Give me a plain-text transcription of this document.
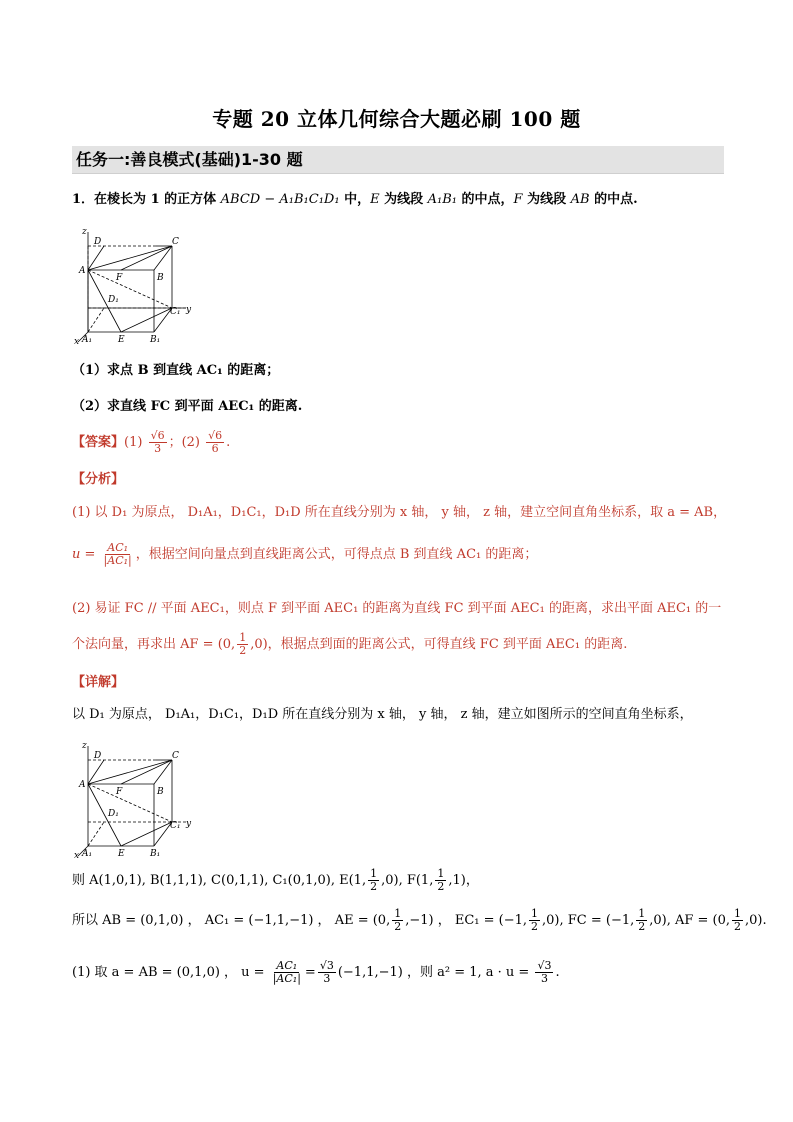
专题 20 立体几何综合大题必刷 100 题
任务一:善良模式(基础)1-30 题
1．在棱长为 1 的正方体 ABCD − A₁B₁C₁D₁ 中，E 为线段 A₁B₁ 的中点，F 为线段 AB 的中点.
z
D	C
A
F	B
D₁
C₁ y
x A₁	E	B₁
（1）求点 B 到直线 AC₁ 的距离；
（2）求直线 FC 到平面 AEC₁ 的距离.
【答案】$(1) \frac{√6}{3}$ ；$(2) \frac{√6}{6}$ .
【分析】
(1) 以 D₁ 为原点， D₁A₁，D₁C₁，D₁D 所在直线分别为 x 轴， y 轴， z 轴，建立空间直角坐标系，取 a = AB，
$u = \frac{\text{AC₁}}{\text{|AC₁|}}$ ，根据空间向量点到直线距离公式，可得点点 B 到直线 AC₁ 的距离；
(2) 易证 FC // 平面 AEC₁，则点 F 到平面 AEC₁ 的距离为直线 FC 到平面 AEC₁ 的距离，求出平面 AEC₁ 的一
个法向量，再求出 AF = (0, $\frac{1}{2} ,0$)，根据点到面的距离公式，可得直线 FC 到平面 AEC₁ 的距离.
【详解】
以 D₁ 为原点， D₁A₁，D₁C₁，D₁D 所在直线分别为 x 轴， y 轴， z 轴，建立如图所示的空间直角坐标系，
z
D	C
A
F	B
D₁
C₁ y
x A₁	E	B₁
则 A(1,0,1), B(1,1,1), C(0,1,1), C₁(0,1,0), E(1, $\frac{1}{2} ,0$), F(1, $\frac{1}{2} ,1$)，
所以 AB = (0,1,0) ， AC₁ = (−1,1,−1) ， AE = (0, $\frac{1}{2} ,-1$) ， EC₁ = (−1, $\frac{1}{2} ,0$), FC = (−1, $\frac{1}{2} ,0$), AF = (0, $\frac{1}{2} ,0$).
(1) 取 a = AB = (0,1,0) ， $u = \frac{\text{AC₁}}{\text{|AC₁|}} = \frac{√3}{3} (-1,1,-1)$ ，则 a² = 1, $a \cdot u = \frac{√3}{3}$ .
